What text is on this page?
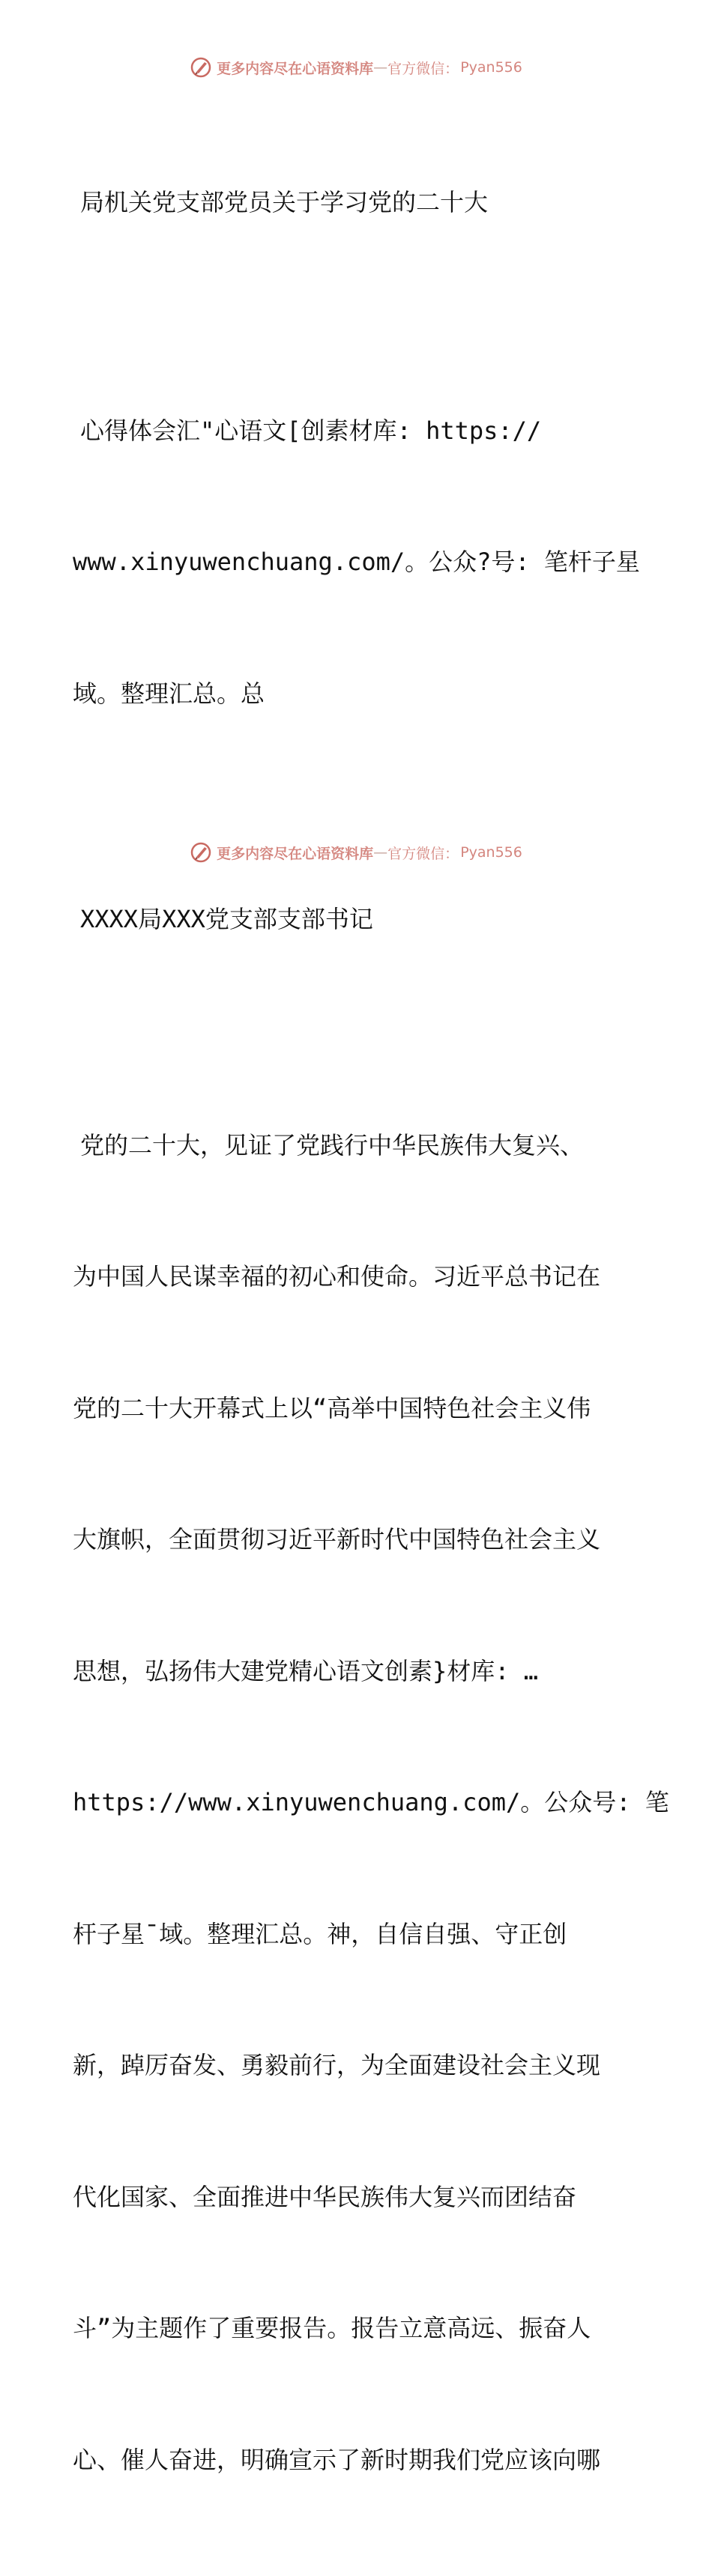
更多内容尽在心语资料库 — 官方微信： Pyan556

局机关党支部党员关于学习党的二十大

心得体会汇"心语文[创素材库: https://

www.xinyuwenchuang.com/。公众?号: 笔杆子星

域。整理汇总。总

XXXX局XXX党支部支部书记

党的二十大，见证了党践行中华民族伟大复兴、

为中国人民谋幸福的初心和使命。习近平总书记在

党的二十大开幕式上以“高举中国特色社会主义伟

大旗帜，全面贯彻习近平新时代中国特色社会主义

思想，弘扬伟大建党精心语文创素}材库: …

https://www.xinyuwenchuang.com/。公众号: 笔

杆子星¯域。整理汇总。神，自信自强、守正创

新，踔厉奋发、勇毅前行，为全面建设社会主义现

代化国家、全面推进中华民族伟大复兴而团结奋

斗”为主题作了重要报告。报告立意高远、振奋人

心、催人奋进，明确宣示了新时期我们党应该向哪

更多内容尽在心语资料库 — 官方微信： Pyan556
